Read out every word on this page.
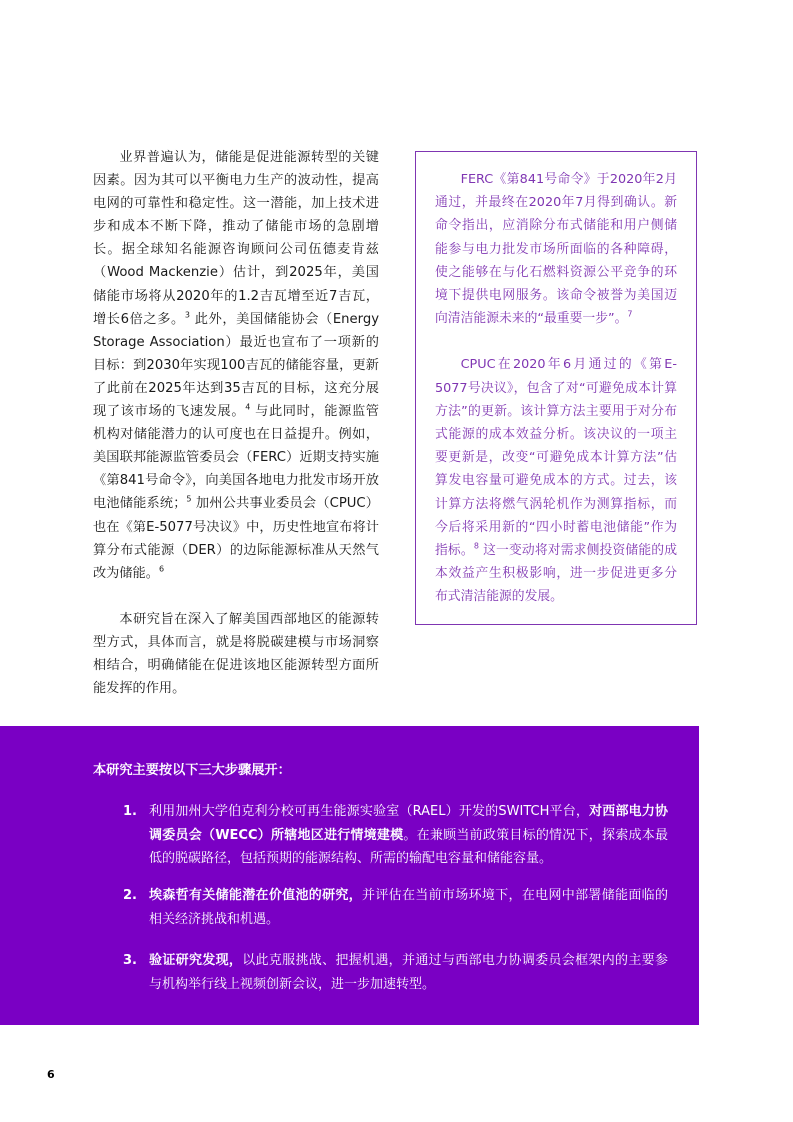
业界普遍认为，储能是促进能源转型的关键因素。因为其可以平衡电力生产的波动性，提高电网的可靠性和稳定性。这一潜能，加上技术进步和成本不断下降，推动了储能市场的急剧增长。据全球知名能源咨询顾问公司伍德麦肯兹（Wood Mackenzie）估计，到2025年，美国储能市场将从2020年的1.2吉瓦增至近7吉瓦，增长6倍之多。$^3$ 此外，美国储能协会（Energy Storage Association）最近也宣布了一项新的目标：到2030年实现100吉瓦的储能容量，更新了此前在2025年达到35吉瓦的目标，这充分展现了该市场的飞速发展。$^4$ 与此同时，能源监管机构对储能潜力的认可度也在日益提升。例如，美国联邦能源监管委员会（FERC）近期支持实施《第841号命令》，向美国各地电力批发市场开放电池储能系统；$^5$ 加州公共事业委员会（CPUC）也在《第E-5077号决议》中，历史性地宣布将计算分布式能源（DER）的边际能源标准从天然气改为储能。$^6$

本研究旨在深入了解美国西部地区的能源转型方式，具体而言，就是将脱碳建模与市场洞察相结合，明确储能在促进该地区能源转型方面所能发挥的作用。

FERC《第841号命令》于2020年2月通过，并最终在2020年7月得到确认。新命令指出，应消除分布式储能和用户侧储能参与电力批发市场所面临的各种障碍，使之能够在与化石燃料资源公平竞争的环境下提供电网服务。该命令被誉为美国迈向清洁能源未来的“最重要一步”。$^7$

CPUC在2020年6月通过的《第E-5077号决议》，包含了对“可避免成本计算方法”的更新。该计算方法主要用于对分布式能源的成本效益分析。该决议的一项主要更新是，改变“可避免成本计算方法”估算发电容量可避免成本的方式。过去，该计算方法将燃气涡轮机作为测算指标，而今后将采用新的“四小时蓄电池储能”作为指标。$^8$ 这一变动将对需求侧投资储能的成本效益产生积极影响，进一步促进更多分布式清洁能源的发展。

本研究主要按以下三大步骤展开：

1. 利用加州大学伯克利分校可再生能源实验室（RAEL）开发的SWITCH平台，对西部电力协调委员会（WECC）所辖地区进行情境建模。在兼顾当前政策目标的情况下，探索成本最低的脱碳路径，包括预期的能源结构、所需的输配电容量和储能容量。
2. 埃森哲有关储能潜在价值池的研究，并评估在当前市场环境下，在电网中部署储能面临的相关经济挑战和机遇。
3. 验证研究发现，以此克服挑战、把握机遇，并通过与西部电力协调委员会框架内的主要参与机构举行线上视频创新会议，进一步加速转型。
6
